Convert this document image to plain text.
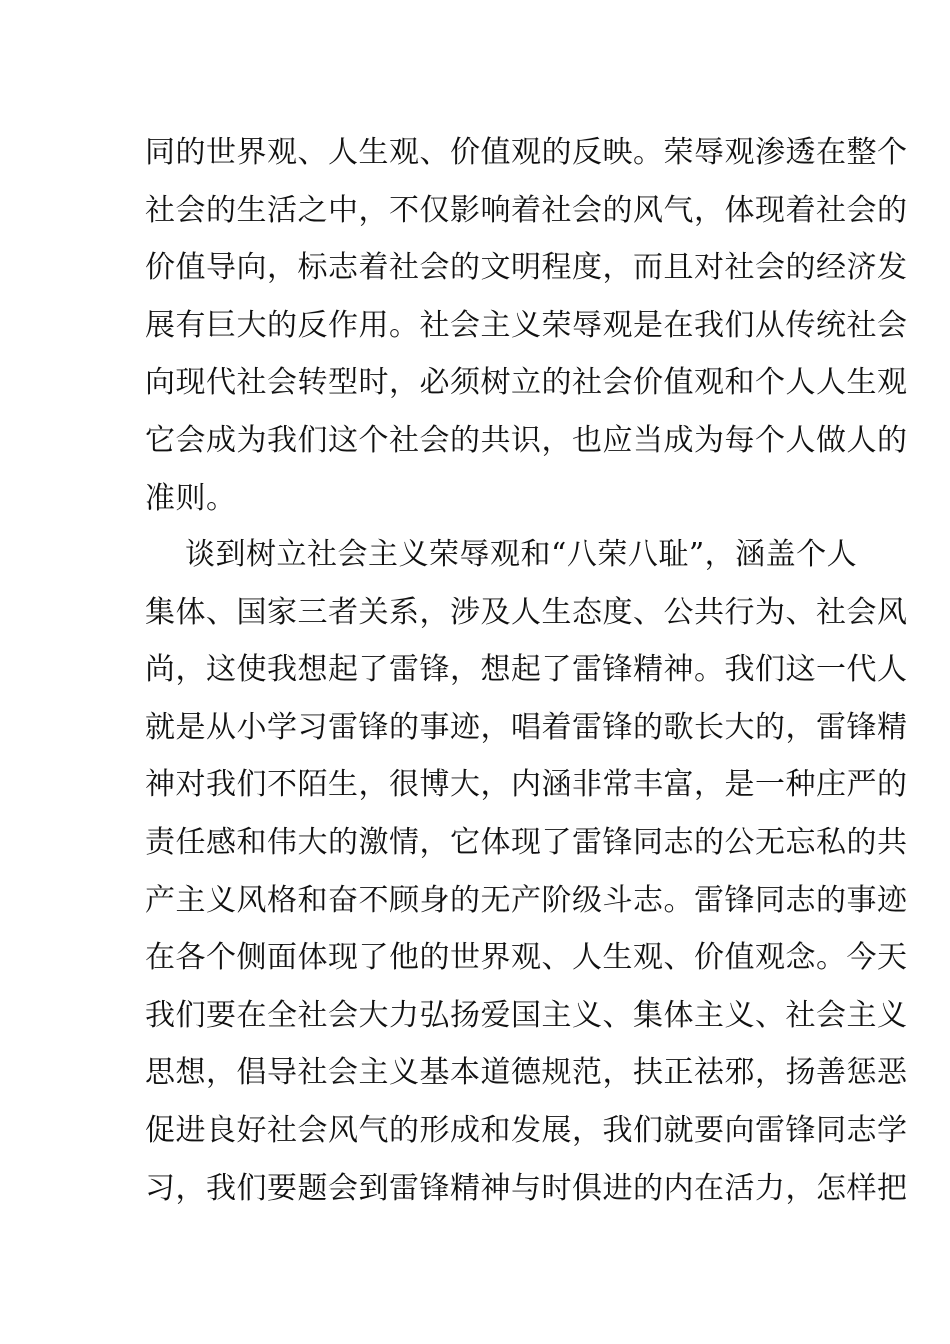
同的世界观、人生观、价值观的反映。荣辱观渗透在整个
社会的生活之中，不仅影响着社会的风气，体现着社会的
价值导向，标志着社会的文明程度，而且对社会的经济发
展有巨大的反作用。社会主义荣辱观是在我们从传统社会
向现代社会转型时，必须树立的社会价值观和个人人生观
它会成为我们这个社会的共识，也应当成为每个人做人的
准则。
谈到树立社会主义荣辱观和“八荣八耻”，涵盖个人
集体、国家三者关系，涉及人生态度、公共行为、社会风
尚，这使我想起了雷锋，想起了雷锋精神。我们这一代人
就是从小学习雷锋的事迹，唱着雷锋的歌长大的，雷锋精
神对我们不陌生，很博大，内涵非常丰富，是一种庄严的
责任感和伟大的激情，它体现了雷锋同志的公无忘私的共
产主义风格和奋不顾身的无产阶级斗志。雷锋同志的事迹
在各个侧面体现了他的世界观、人生观、价值观念。今天
我们要在全社会大力弘扬爱国主义、集体主义、社会主义
思想，倡导社会主义基本道德规范，扶正祛邪，扬善惩恶
促进良好社会风气的形成和发展，我们就要向雷锋同志学
习，我们要题会到雷锋精神与时俱进的内在活力，怎样把
